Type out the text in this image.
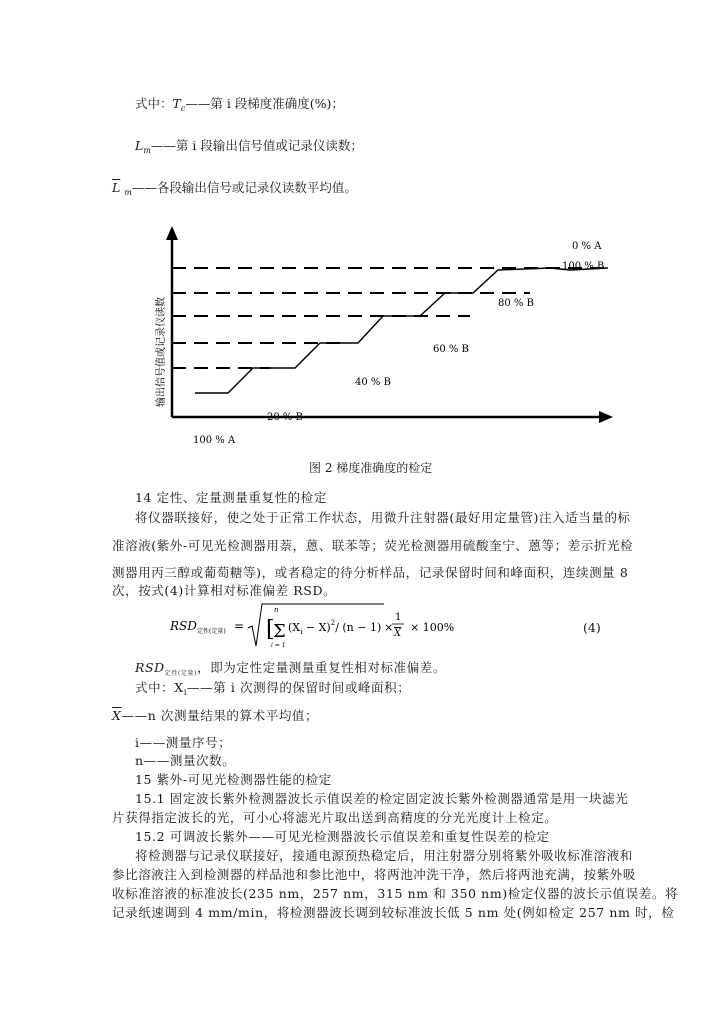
式中：$T_c——$第 i 段梯度准确度(%)；
$L_m——$第 i 段输出信号值或记录仪读数；
$\overline{L}$ $_m$——各段输出信号或记录仪读数平均值。
输出信号值或记录仪读数
0 % A
100 % B
80 % B
60 % B
40 % B
20 % B
100 % A
图 2 梯度准确度的检定
14 定性、定量测量重复性的检定
将仪器联接好，使之处于正常工作状态，用微升注射器(最好用定量管)注入适当量的标
准溶液(紫外-可见光检测器用萘，蒽、联苯等；荧光检测器用硫酸奎宁、蒽等；差示折光检
测器用丙三醇或葡萄糖等)，或者稳定的待分析样品，记录保留时间和峰面积，连续测量 8
次，按式(4)计算相对标准偏差 RSD。
RSD 定性(定量) = [
Σ
n
i = 1
$(X_i - X)^2/$ (n − 1) ×
1
X × 100%	(4)
$RSD_{定性(定量)}$，即为定性定量测量重复性相对标准偏差。
式中：$X_i——$第 i 次测得的保留时间或峰面积；
$\overline{X}——n$ 次测量结果的算术平均值；
i——测量序号；
n——测量次数。
15 紫外-可见光检测器性能的检定
15.1 固定波长紫外检测器波长示值误差的检定固定波长紫外检测器通常是用一块滤光
片获得指定波长的光，可小心将滤光片取出送到高精度的分光光度计上检定。
15.2 可调波长紫外——可见光检测器波长示值误差和重复性误差的检定
将检测器与记录仪联接好，接通电源预热稳定后，用注射器分别将紫外吸收标准溶液和
参比溶液注入到检测器的样品池和参比池中，将两池冲洗干净，然后将两池充满，按紫外吸
收标准溶液的标准波长(235 nm，257 nm，315 nm 和 350 nm)检定仪器的波长示值误差。将
记录纸速调到 4 mm/min，将检测器波长调到较标准波长低 5 nm 处(例如检定 257 nm 时，检
